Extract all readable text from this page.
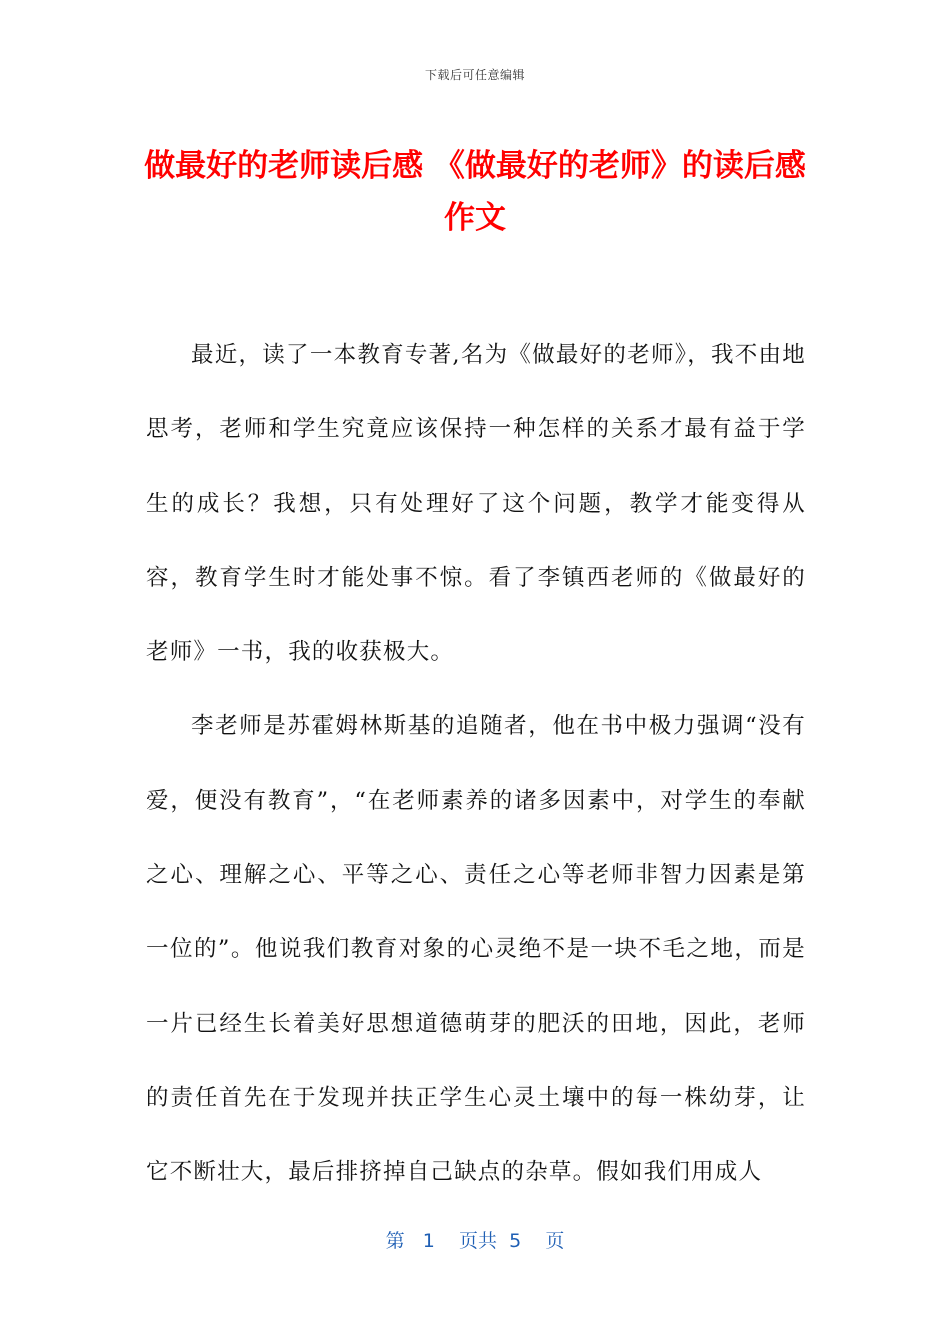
下载后可任意编辑
做最好的老师读后感 《做最好的老师》的读后感作文

最近，读了一本教育专著,名为《做最好的老师》，我不由地思考，老师和学生究竟应该保持一种怎样的关系才最有益于学生的成长？我想，只有处理好了这个问题，教学才能变得从容，教育学生时才能处事不惊。看了李镇西老师的《做最好的老师》一书，我的收获极大。

李老师是苏霍姆林斯基的追随者，他在书中极力强调“没有爱，便没有教育”，“在老师素养的诸多因素中，对学生的奉献之心、理解之心、平等之心、责任之心等老师非智力因素是第一位的”。他说我们教育对象的心灵绝不是一块不毛之地，而是一片已经生长着美好思想道德萌芽的肥沃的田地，因此，老师的责任首先在于发现并扶正学生心灵土壤中的每一株幼芽，让它不断壮大，最后排挤掉自己缺点的杂草。假如我们用成人

第 1 页共 5 页
